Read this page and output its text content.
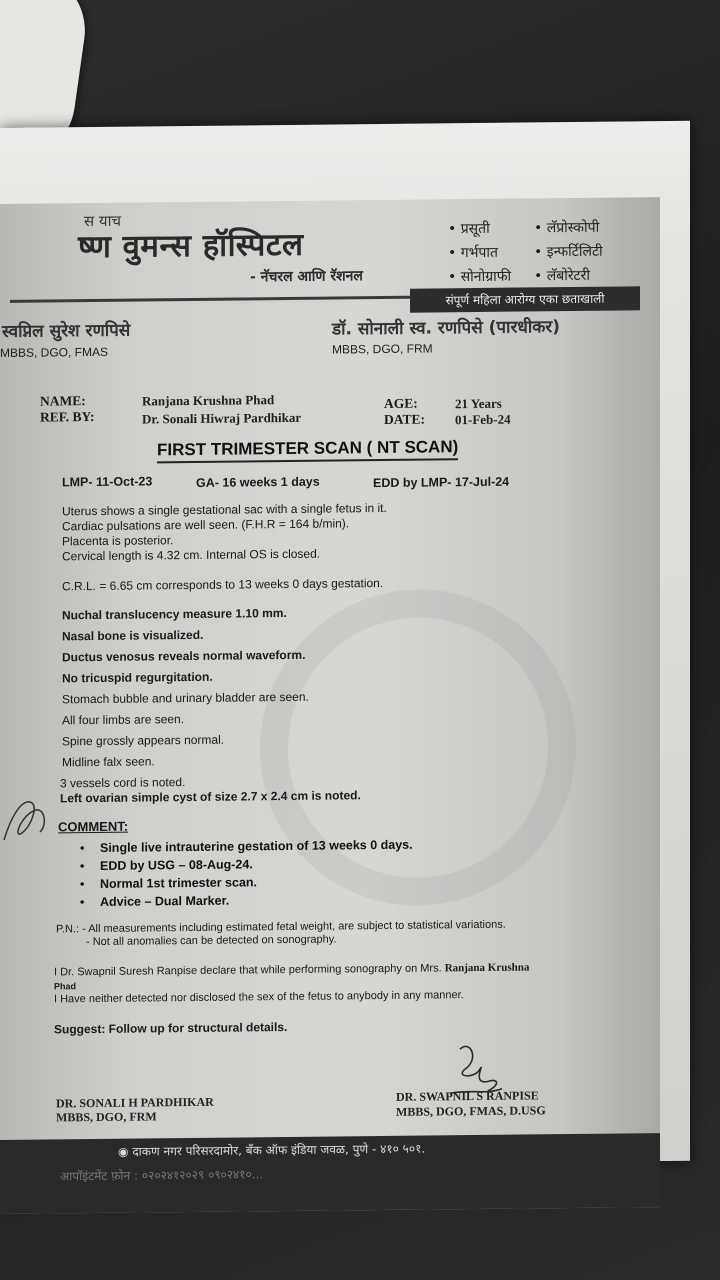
स याच
ष्ण वुमन्स हॉस्पिटल
- नॅचरल आणि रॅशनल
• प्रसूती	• लॅप्रोस्कोपी
• गर्भपात	• इन्फर्टिलिटी
• सोनोग्राफी • लॅबोरेटरी
संपूर्ण महिला आरोग्य एका छताखाली
स्वप्निल सुरेश रणपिसे
MBBS, DGO, FMAS
डॉ. सोनाली स्व. रणपिसे (पारधीकर)
MBBS, DGO, FRM
NAME:	Ranjana Krushna Phad
REF. BY:	Dr. Sonali Hiwraj Pardhikar
AGE:	21 Years
DATE: 01-Feb-24
FIRST TRIMESTER SCAN ( NT SCAN)
LMP- 11-Oct-23	GA- 16 weeks 1 days	EDD by LMP- 17-Jul-24
Uterus shows a single gestational sac with a single fetus in it.
Cardiac pulsations are well seen. (F.H.R = 164 b/min).
Placenta is posterior.
Cervical length is 4.32 cm. Internal OS is closed.
C.R.L. = 6.65 cm corresponds to 13 weeks 0 days gestation.
Nuchal translucency measure 1.10 mm.
Nasal bone is visualized.
Ductus venosus reveals normal waveform.
No tricuspid regurgitation.
Stomach bubble and urinary bladder are seen.
All four limbs are seen.
Spine grossly appears normal.
Midline falx seen.
3 vessels cord is noted.
Left ovarian simple cyst of size 2.7 x 2.4 cm is noted.
COMMENT:
• Single live intrauterine gestation of 13 weeks 0 days.
• EDD by USG – 08-Aug-24.
• Normal 1st trimester scan.
• Advice – Dual Marker.
P.N.: - All measurements including estimated fetal weight, are subject to statistical variations.
- Not all anomalies can be detected on sonography.
I Dr. Swapnil Suresh Ranpise declare that while performing sonography on Mrs. Ranjana Krushna
Phad
I Have neither detected nor disclosed the sex of the fetus to anybody in any manner.
Suggest: Follow up for structural details.
DR. SONALI H PARDHIKAR
MBBS, DGO, FRM
DR. SWAPNIL S RANPISE
MBBS, DGO, FMAS, D.USG
◉ दाकण नगर परिसरदामोर, बँक ऑफ इंडिया जवळ, पुणे - ४१० ५०१.
आपॉइंटमेंट फ़ोन : ०२०२४१२०२९ ०९०२४१०...
